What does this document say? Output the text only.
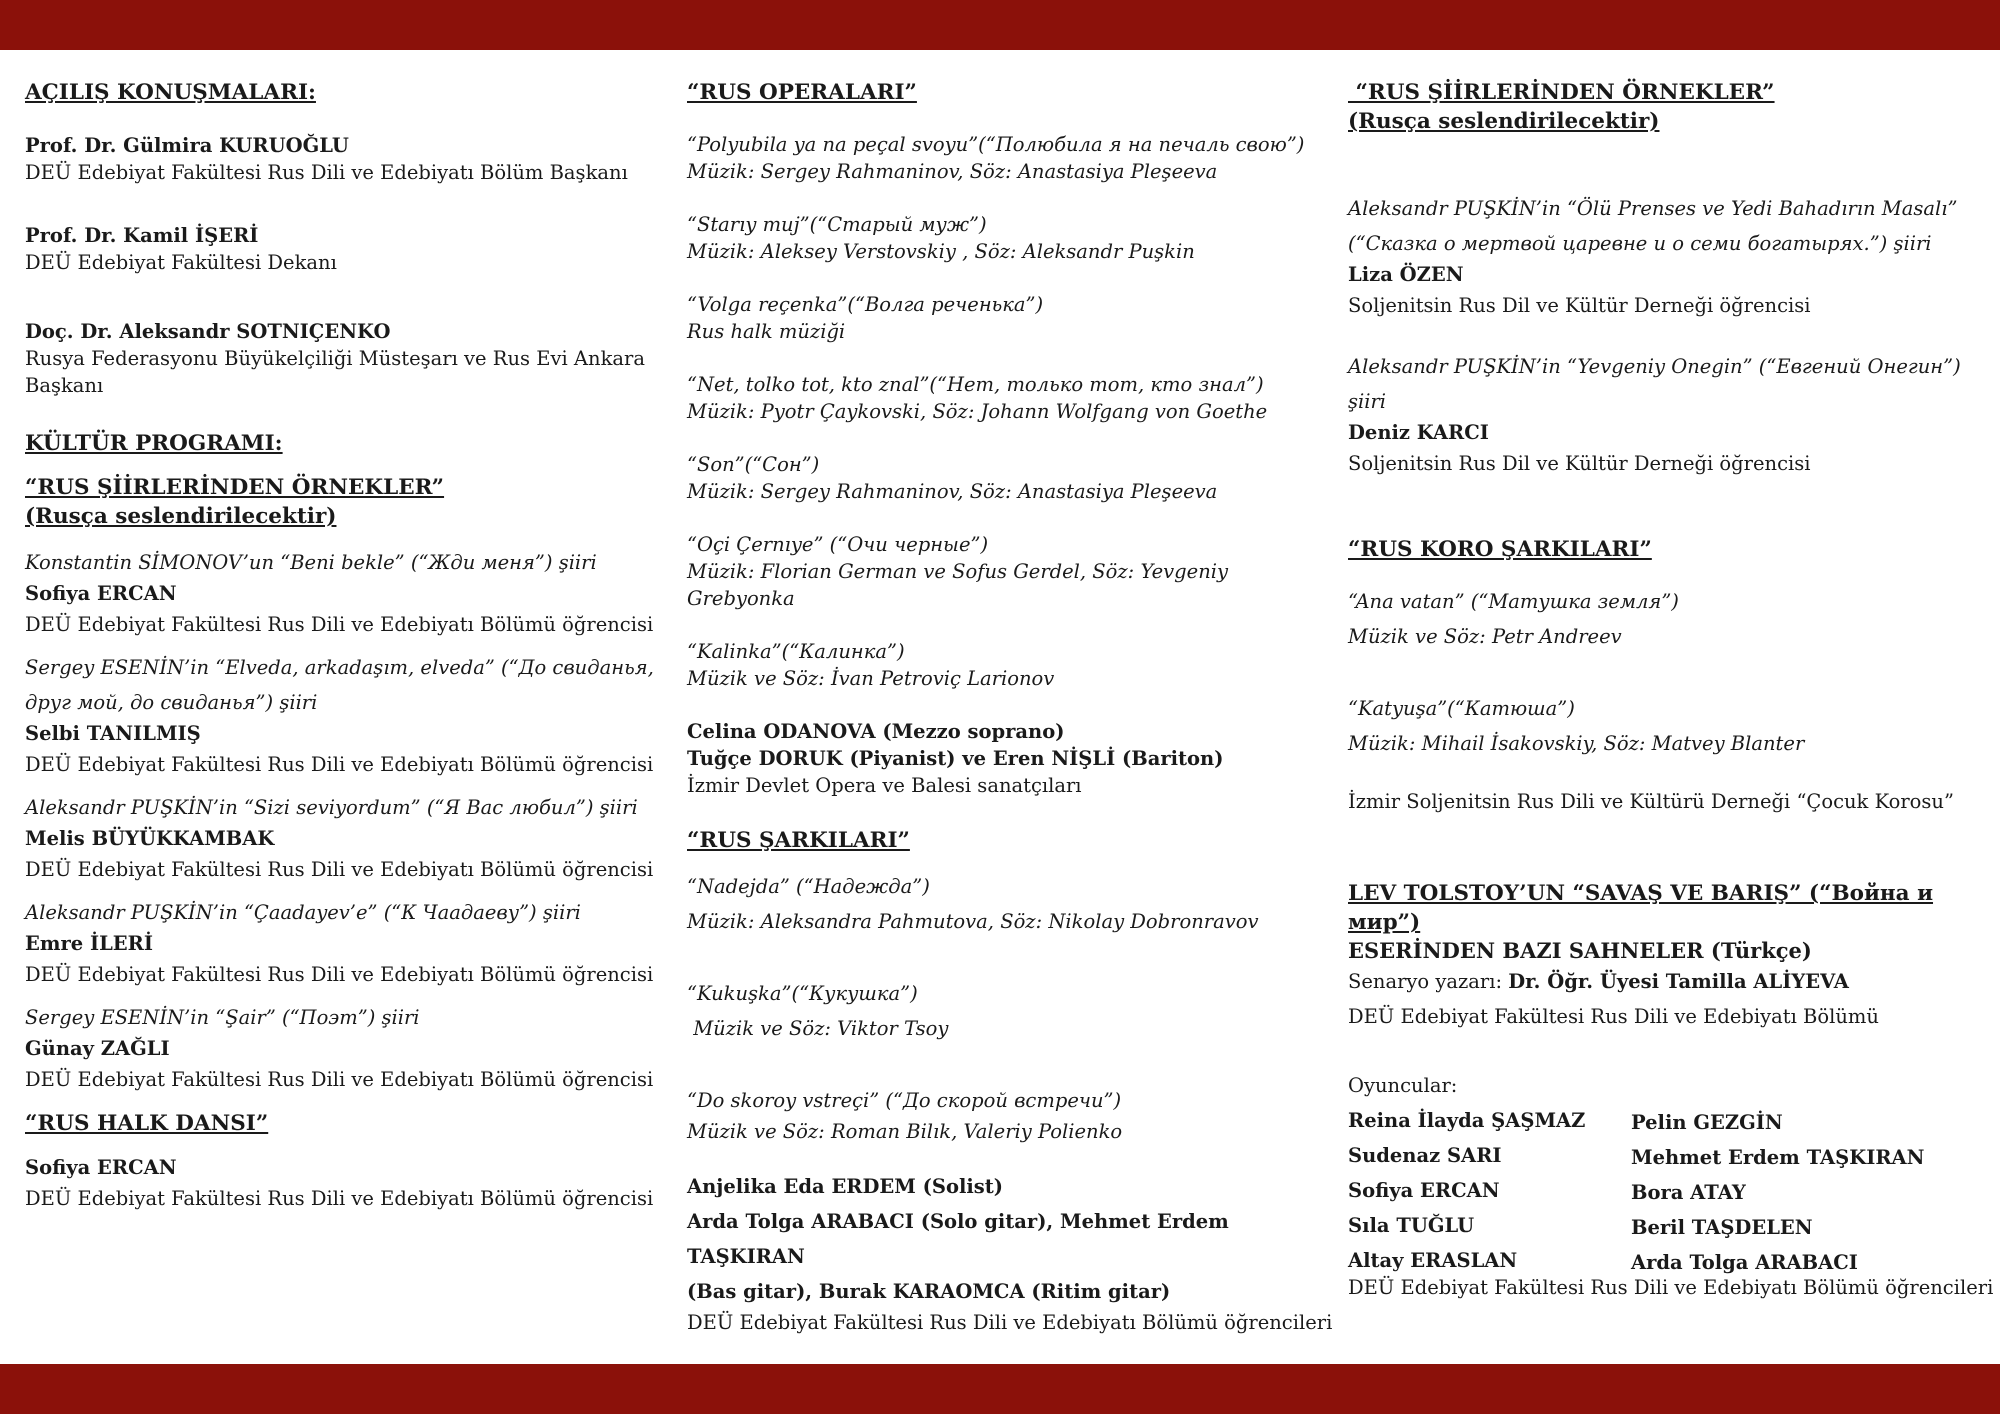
AÇILIŞ KONUŞMALARI:

Prof. Dr. Gülmira KURUOĞLU

DEÜ Edebiyat Fakültesi Rus Dili ve Edebiyatı Bölüm Başkanı

Prof. Dr. Kamil İŞERİ

DEÜ Edebiyat Fakültesi Dekanı

Doç. Dr. Aleksandr SOTNIÇENKO

Rusya Federasyonu Büyükelçiliği Müsteşarı ve Rus Evi Ankara

Başkanı

KÜLTÜR PROGRAMI:

“RUS ŞİİRLERİNDEN ÖRNEKLER”

(Rusça seslendirilecektir)

Konstantin SİMONOV’un “Beni bekle” (“Жди меня”) şiiri

Sofiya ERCAN

DEÜ Edebiyat Fakültesi Rus Dili ve Edebiyatı Bölümü öğrencisi

Sergey ESENİN’in “Elveda, arkadaşım, elveda” (“До свиданья,

друг мой, до свиданья”) şiiri

Selbi TANILMIŞ

DEÜ Edebiyat Fakültesi Rus Dili ve Edebiyatı Bölümü öğrencisi

Aleksandr PUŞKİN’in “Sizi seviyordum” (“Я Вас любил”) şiiri

Melis BÜYÜKKAMBAK

DEÜ Edebiyat Fakültesi Rus Dili ve Edebiyatı Bölümü öğrencisi

Aleksandr PUŞKİN’in “Çaadayev’e” (“К Чаадаеву”) şiiri

Emre İLERİ

DEÜ Edebiyat Fakültesi Rus Dili ve Edebiyatı Bölümü öğrencisi

Sergey ESENİN’in “Şair” (“Поэт”) şiiri

Günay ZAĞLI

DEÜ Edebiyat Fakültesi Rus Dili ve Edebiyatı Bölümü öğrencisi

“RUS HALK DANSI”

Sofiya ERCAN

DEÜ Edebiyat Fakültesi Rus Dili ve Edebiyatı Bölümü öğrencisi

“RUS OPERALARI”

“Polyubila ya na peçal svoyu”(“Полюбила я на печаль свою”)

Müzik: Sergey Rahmaninov, Söz: Anastasiya Pleşeeva

“Starıy muj”(“Старый муж”)

Müzik: Aleksey Verstovskiy , Söz: Aleksandr Puşkin

“Volga reçenka”(“Волга реченька”)

Rus halk müziği

“Net, tolko tot, kto znal”(“Нет, только тот, кто знал”)

Müzik: Pyotr Çaykovski, Söz: Johann Wolfgang von Goethe

“Son”(“Сон”)

Müzik: Sergey Rahmaninov, Söz: Anastasiya Pleşeeva

“Oçi Çernıye” (“Очи черные”)

Müzik: Florian German ve Sofus Gerdel, Söz: Yevgeniy Grebyonka

“Kalinka”(“Калинка”)

Müzik ve Söz: İvan Petroviç Larionov

Celina ODANOVA (Mezzo soprano)

Tuğçe DORUK (Piyanist) ve Eren NİŞLİ (Bariton)

İzmir Devlet Opera ve Balesi sanatçıları

“RUS ŞARKILARI”

“Nadejda” (“Надежда”)

Müzik: Aleksandra Pahmutova, Söz: Nikolay Dobronravov

“Kukuşka”(“Кукушка”)

Müzik ve Söz: Viktor Tsoy

“Do skoroy vstreçi” (“До скорой встречи”)

Müzik ve Söz: Roman Bilık, Valeriy Polienko

Anjelika Eda ERDEM (Solist)

Arda Tolga ARABACI (Solo gitar), Mehmet Erdem TAŞKIRAN

(Bas gitar), Burak KARAOMCA (Ritim gitar)

DEÜ Edebiyat Fakültesi Rus Dili ve Edebiyatı Bölümü öğrencileri

“RUS ŞİİRLERİNDEN ÖRNEKLER”

(Rusça seslendirilecektir)

Aleksandr PUŞKİN’in “Ölü Prenses ve Yedi Bahadırın Masalı”

(“Сказка о мертвой царевне и о семи богатырях.”) şiiri

Liza ÖZEN

Soljenitsin Rus Dil ve Kültür Derneği öğrencisi

Aleksandr PUŞKİN’in “Yevgeniy Onegin” (“Евгений Онегин”) şiiri

Deniz KARCI

Soljenitsin Rus Dil ve Kültür Derneği öğrencisi

“RUS KORO ŞARKILARI”

“Ana vatan” (“Матушка земля”)

Müzik ve Söz: Petr Andreev

“Katyuşa”(“Катюша”)

Müzik: Mihail İsakovskiy, Söz: Matvey Blanter

İzmir Soljenitsin Rus Dili ve Kültürü Derneği “Çocuk Korosu”

LEV TOLSTOY’UN “SAVAŞ VE BARIŞ” (“Война и мир”)

ESERİNDEN BAZI SAHNELER (Türkçe)

Senaryo yazarı: Dr. Öğr. Üyesi Tamilla ALİYEVA

DEÜ Edebiyat Fakültesi Rus Dili ve Edebiyatı Bölümü

Oyuncular:

Reina İlayda ŞAŞMAZ

Sudenaz SARI

Sofiya ERCAN

Sıla TUĞLU

Altay ERASLAN

Pelin GEZGİN

Mehmet Erdem TAŞKIRAN

Bora ATAY

Beril TAŞDELEN

Arda Tolga ARABACI

DEÜ Edebiyat Fakültesi Rus Dili ve Edebiyatı Bölümü öğrencileri
